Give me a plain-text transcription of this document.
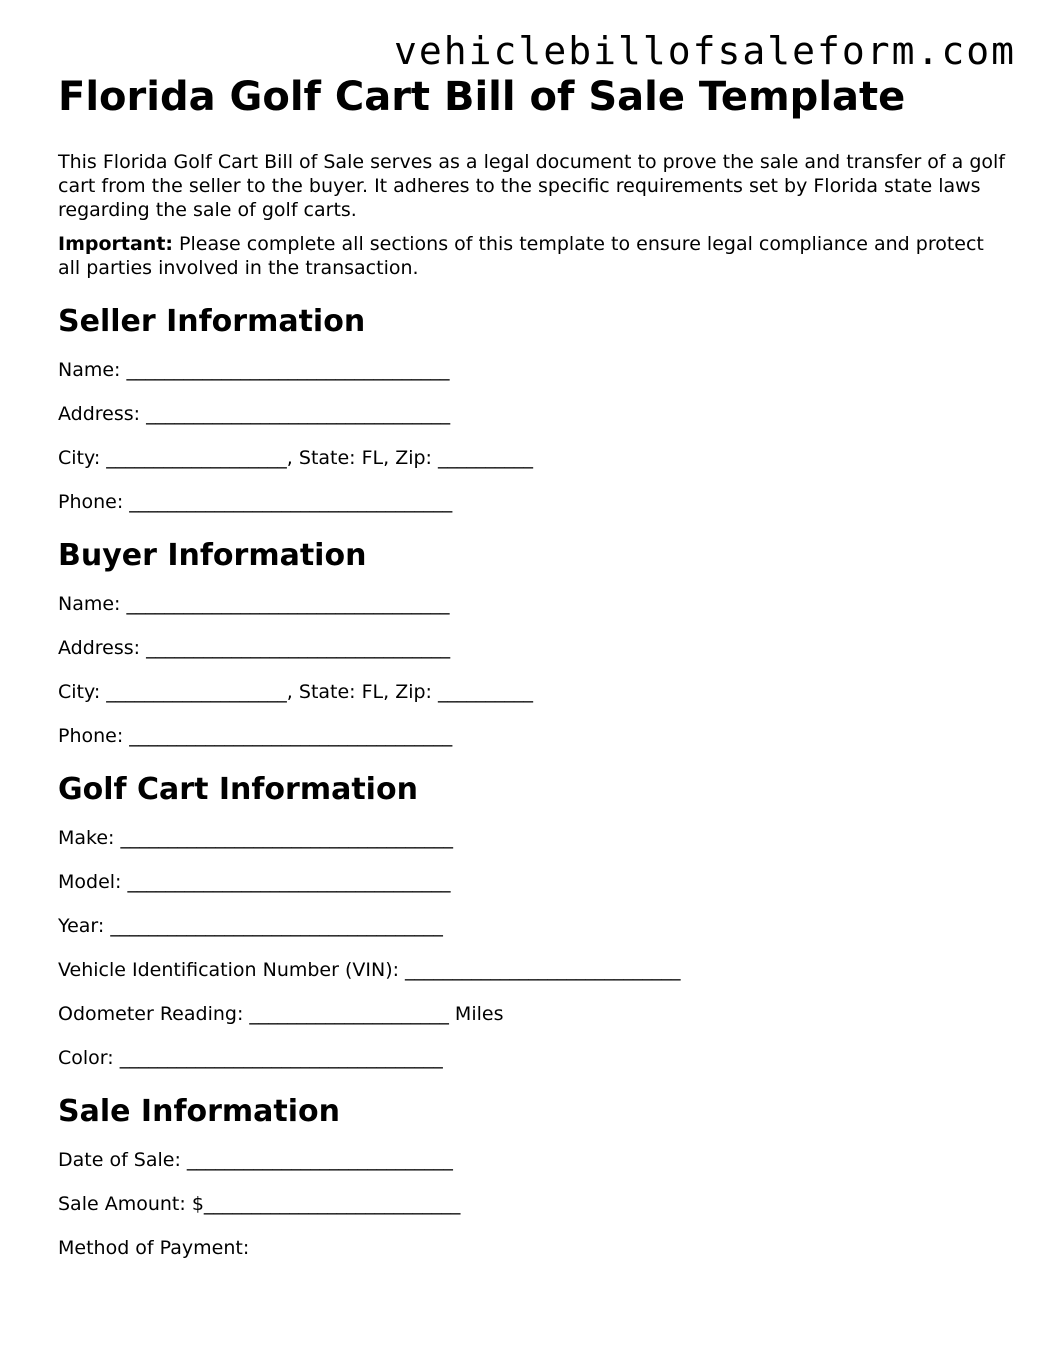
vehiclebillofsaleform.com
Florida Golf Cart Bill of Sale Template

This Florida Golf Cart Bill of Sale serves as a legal document to prove the sale and transfer of a golf cart from the seller to the buyer. It adheres to the specific requirements set by Florida state laws regarding the sale of golf carts.

Important: Please complete all sections of this template to ensure legal compliance and protect all parties involved in the transaction.

Seller Information
Name: __________________________________
Address: ________________________________
City: ___________________, State: FL, Zip: __________
Phone: __________________________________
Buyer Information
Name: __________________________________
Address: ________________________________
City: ___________________, State: FL, Zip: __________
Phone: __________________________________
Golf Cart Information
Make: ___________________________________
Model: __________________________________
Year: ___________________________________
Vehicle Identification Number (VIN): _____________________________
Odometer Reading: _____________________ Miles
Color: __________________________________
Sale Information
Date of Sale: ____________________________
Sale Amount: $___________________________
Method of Payment:
